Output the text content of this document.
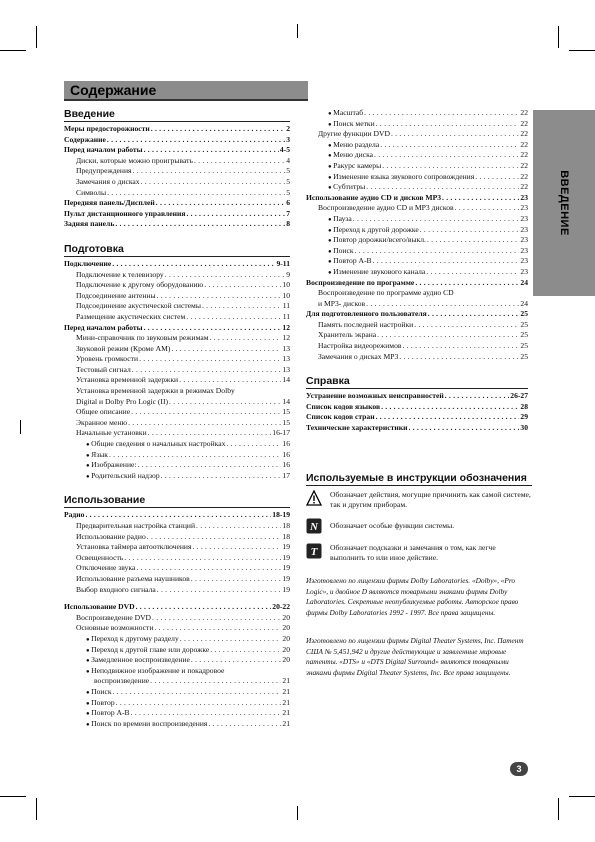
Содержание
ВВЕДЕНИЕ
Введение
Меры предосторожности . . .	2
Содержание . . .	3
Перед началом работы . . .	4-5
Диски, которые можно проигрывать . . .	4
Предупреждения . . .	5
Замечания о дисках . . .	5
Символы . . .	5
Передняя панель/Дисплей . . .	6
Пульт дистанционного управления . . .	7
Задняя панель . . .	8
Подготовка
Подключение . . .	9-11
Подключение к телевизору . . .	9
Подключение к другому оборудованию . . .	10
Подсоединение антенны . . .	10
Подсоединение акустической системы . . .	11
Размещение акустических систем . . .	11
Перед началом работы . . .	12
Мини-справочник по звуковым режимам . . .	12
Звуковой режим (Кроме AM) . . .	13
Уровень громкости . . .	13
Тестовый сигнал . . .	13
Установка временной задержки . . .	14
Установка временной задержки в режимах Dolby
Digital и Dolby Pro Logic (II) . . .	14
Общее описание . . .	15
Экранное меню . . .	15
Начальные установки . . .	16-17
● Общие сведения о начальных настройках . . .	16
● Язык . . .	16
● Изображение: . . .	16
● Родительский надзор . . .	17
Использование
Радио . . .	18-19
Предварительная настройка станций . . .	18
Использование радио . . .	18
Установка таймера автоотключения . . .	19
Освещенность . . .	19
Отключение звука . . .	19
Использование разъема наушников . . .	19
Выбор входного сигнала . . .	19
Использование DVD . . .	20-22
Воспроизведение DVD . . .	20
Основные возможности . . .	20
● Переход к другому разделу . . .	20
● Переход к другой главе или дорожке . . .	20
● Замедленное воспроизведение . . .	20
● Неподвижное изображение и покадровое
воспроизведение . . .	21
● Поиск . . .	21
● Повтор . . .	21
● Повтор A-B . . .	21
● Поиск по времени воспроизведения . . .	21
● Масштаб . . .	22
● Поиск метки . . .	22
Другие функции DVD . . .	22
● Меню раздела . . .	22
● Меню диска . . .	22
● Ракурс камеры . . .	22
● Изменение языка звукового сопровождения . . .	22
● Субтитры . . .	22
Использование аудио CD и дисков MP3 . . .	23
Воспроизведение аудио CD и MP3 дисков . . .	23
● Пауза . . .	23
● Переход к другой дорожке . . .	23
● Повтор дорожки/всего/выкл. . . .	23
● Поиск . . .	23
● Повтор A-B . . .	23
● Изменение звукового канала . . .	23
Воспроизведение по программе . . .	24
Воспроизведение по программе аудио CD
и MP3- дисков . . .	24
Для подготовленного пользователя . . .	25
Память последней настройки . . .	25
Хранитель экрана . . .	25
Настройка видеорежимов . . .	25
Замечания о дисках MP3 . . .	25
Справка
Устранение возможных неисправностей . . .	26-27
Список кодов языков . . .	28
Список кодов стран . . .	29
Технические характеристики . . .	30
Используемые в инструкции обозначения
Обозначает действия, могущие причинить как самой системе, так и другим приборам.
N Обозначает особые функции системы.
T Обозначает подсказки и замечания о том, как легче выполнить то или иное действие.
Изготовлено по лицензии фирмы Dolby Laboratories. «Dolby», «Pro Logic», и двойное D являются товарными знаками фирмы Dolby Laboratories. Секретные неопубликуемые работы. Авторское право фирмы Dolby Laboratories 1992 - 1997. Все права защищены.
Изготовлено по лицензии фирмы Digital Theater Systems, Inc. Патент США № 5,451,942 и другие действующие и заявленные мировые патенты. «DTS» и «DTS Digital Surround» являются товарными знаками фирмы Digital Theater Systems, Inc. Все права защищены.
3
